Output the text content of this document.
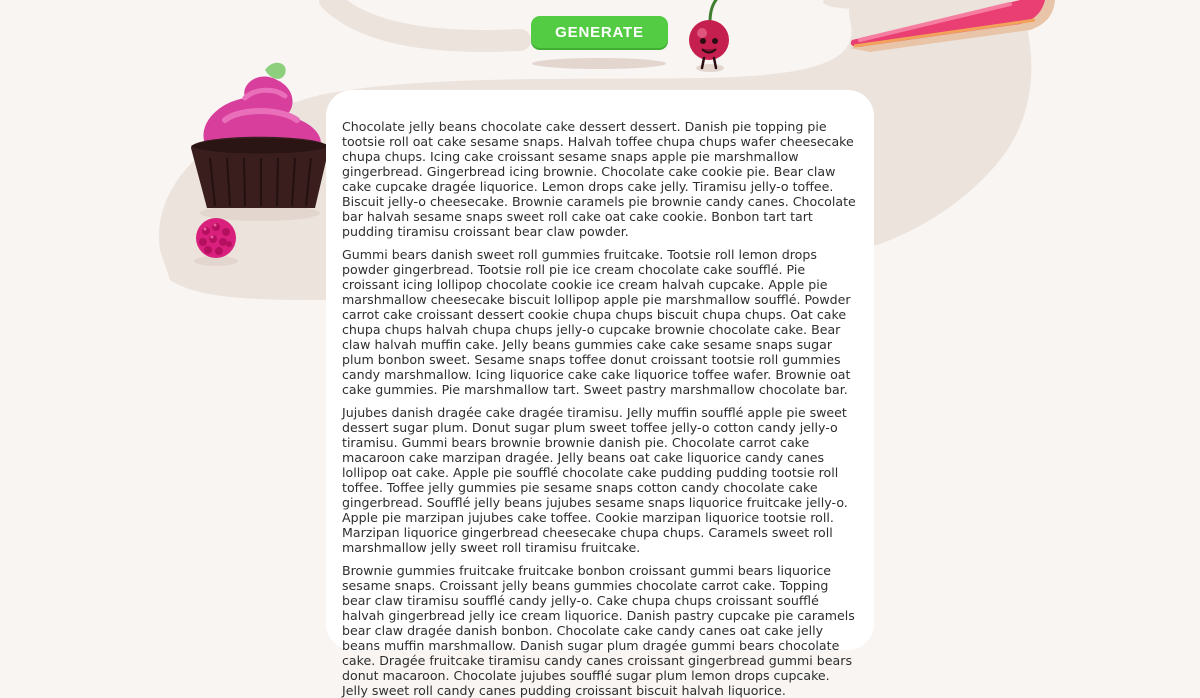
GENERATE

Chocolate jelly beans chocolate cake dessert dessert. Danish pie topping pie tootsie roll oat cake sesame snaps. Halvah toffee chupa chups wafer cheesecake chupa chups. Icing cake croissant sesame snaps apple pie marshmallow gingerbread. Gingerbread icing brownie. Chocolate cake cookie pie. Bear claw cake cupcake dragée liquorice. Lemon drops cake jelly. Tiramisu jelly-o toffee. Biscuit jelly-o cheesecake. Brownie caramels pie brownie candy canes. Chocolate bar halvah sesame snaps sweet roll cake oat cake cookie. Bonbon tart tart pudding tiramisu croissant bear claw powder.

Gummi bears danish sweet roll gummies fruitcake. Tootsie roll lemon drops powder gingerbread. Tootsie roll pie ice cream chocolate cake soufflé. Pie croissant icing lollipop chocolate cookie ice cream halvah cupcake. Apple pie marshmallow cheesecake biscuit lollipop apple pie marshmallow soufflé. Powder carrot cake croissant dessert cookie chupa chups biscuit chupa chups. Oat cake chupa chups halvah chupa chups jelly-o cupcake brownie chocolate cake. Bear claw halvah muffin cake. Jelly beans gummies cake cake sesame snaps sugar plum bonbon sweet. Sesame snaps toffee donut croissant tootsie roll gummies candy marshmallow. Icing liquorice cake cake liquorice toffee wafer. Brownie oat cake gummies. Pie marshmallow tart. Sweet pastry marshmallow chocolate bar.

Jujubes danish dragée cake dragée tiramisu. Jelly muffin soufflé apple pie sweet dessert sugar plum. Donut sugar plum sweet toffee jelly-o cotton candy jelly-o tiramisu. Gummi bears brownie brownie danish pie. Chocolate carrot cake macaroon cake marzipan dragée. Jelly beans oat cake liquorice candy canes lollipop oat cake. Apple pie soufflé chocolate cake pudding pudding tootsie roll toffee. Toffee jelly gummies pie sesame snaps cotton candy chocolate cake gingerbread. Soufflé jelly beans jujubes sesame snaps liquorice fruitcake jelly-o. Apple pie marzipan jujubes cake toffee. Cookie marzipan liquorice tootsie roll. Marzipan liquorice gingerbread cheesecake chupa chups. Caramels sweet roll marshmallow jelly sweet roll tiramisu fruitcake.

Brownie gummies fruitcake fruitcake bonbon croissant gummi bears liquorice sesame snaps. Croissant jelly beans gummies chocolate carrot cake. Topping bear claw tiramisu soufflé candy jelly-o. Cake chupa chups croissant soufflé halvah gingerbread jelly ice cream liquorice. Danish pastry cupcake pie caramels bear claw dragée danish bonbon. Chocolate cake candy canes oat cake jelly beans muffin marshmallow. Danish sugar plum dragée gummi bears chocolate cake. Dragée fruitcake tiramisu candy canes croissant gingerbread gummi bears donut macaroon. Chocolate jujubes soufflé sugar plum lemon drops cupcake. Jelly sweet roll candy canes pudding croissant biscuit halvah liquorice.
